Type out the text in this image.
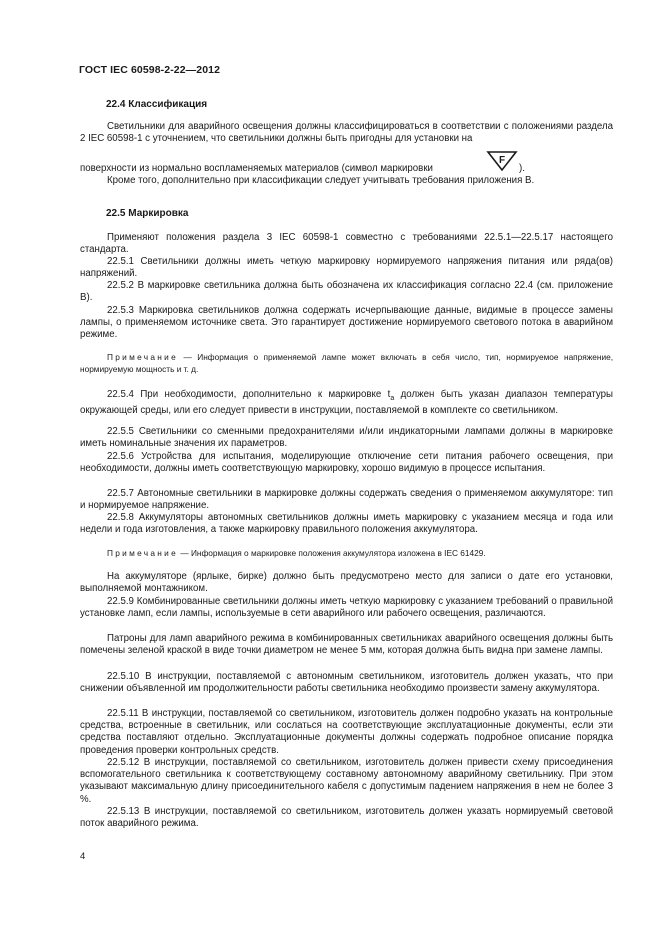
ГОСТ IEC 60598-2-22—2012
22.4 Классификация
Светильники для аварийного освещения должны классифицироваться в соответствии с положениями раздела 2 IEC 60598-1 с уточнением, что светильники должны быть пригодны для установки на
поверхности из нормально воспламеняемых материалов (символ маркировки
F
).
Кроме того, дополнительно при классификации следует учитывать требования приложения В.
22.5 Маркировка
Применяют положения раздела 3 IEC 60598-1 совместно с требованиями 22.5.1—22.5.17 настоящего стандарта.
22.5.1 Светильники должны иметь четкую маркировку нормируемого напряжения питания или ряда(ов) напряжений.
22.5.2 В маркировке светильника должна быть обозначена их классификация согласно 22.4 (см. приложение В).
22.5.3 Маркировка светильников должна содержать исчерпывающие данные, видимые в процессе замены лампы, о применяемом источнике света. Это гарантирует достижение нормируемого светового потока в аварийном режиме.
Примечание — Информация о применяемой лампе может включать в себя число, тип, нормируемое напряжение, нормируемую мощность и т. д.
22.5.4 При необходимости, дополнительно к маркировке $t_a$ должен быть указан диапазон температуры окружающей среды, или его следует привести в инструкции, поставляемой в комплекте со светильником.
22.5.5 Светильники со сменными предохранителями и/или индикаторными лампами должны в маркировке иметь номинальные значения их параметров.
22.5.6 Устройства для испытания, моделирующие отключение сети питания рабочего освещения, при необходимости, должны иметь соответствующую маркировку, хорошо видимую в процессе испытания.
22.5.7 Автономные светильники в маркировке должны содержать сведения о применяемом аккумуляторе: тип и нормируемое напряжение.
22.5.8 Аккумуляторы автономных светильников должны иметь маркировку с указанием месяца и года или недели и года изготовления, а также маркировку правильного положения аккумулятора.
Примечание — Информация о маркировке положения аккумулятора изложена в IEC 61429.
На аккумуляторе (ярлыке, бирке) должно быть предусмотрено место для записи о дате его установки, выполняемой монтажником.
22.5.9 Комбинированные светильники должны иметь четкую маркировку с указанием требований о правильной установке ламп, если лампы, используемые в сети аварийного или рабочего освещения, различаются.
Патроны для ламп аварийного режима в комбинированных светильниках аварийного освещения должны быть помечены зеленой краской в виде точки диаметром не менее 5 мм, которая должна быть видна при замене лампы.
22.5.10 В инструкции, поставляемой с автономным светильником, изготовитель должен указать, что при снижении объявленной им продолжительности работы светильника необходимо произвести замену аккумулятора.
22.5.11 В инструкции, поставляемой со светильником, изготовитель должен подробно указать на контрольные средства, встроенные в светильник, или сослаться на соответствующие эксплуатационные документы, если эти средства поставляют отдельно. Эксплуатационные документы должны содержать подробное описание порядка проведения проверки контрольных средств.
22.5.12 В инструкции, поставляемой со светильником, изготовитель должен привести схему присоединения вспомогательного светильника к соответствующему составному автономному аварийному светильнику. При этом указывают максимальную длину присоединительного кабеля с допустимым падением напряжения в нем не более 3 %.
22.5.13 В инструкции, поставляемой со светильником, изготовитель должен указать нормируемый световой поток аварийного режима.
4
